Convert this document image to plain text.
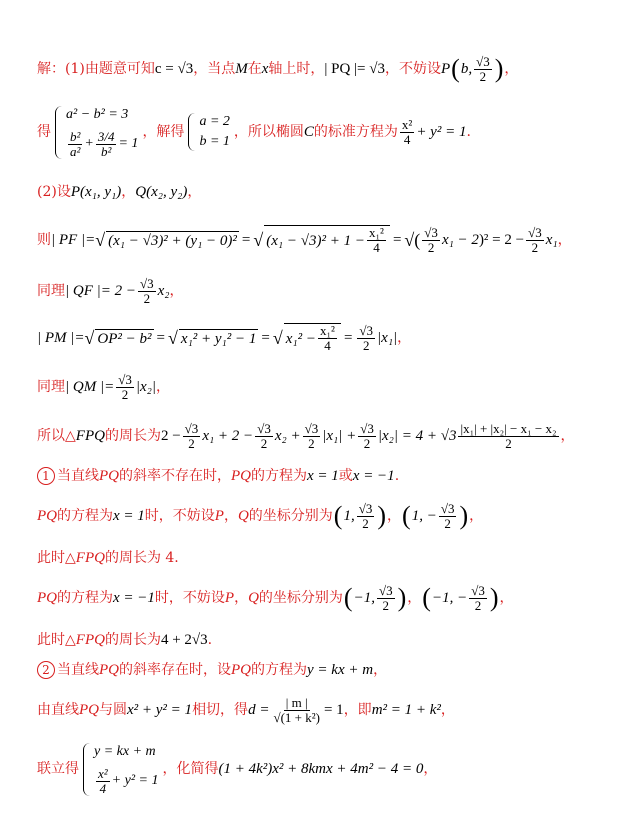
解：(1)由题意可知 c = √3 ，当点 M 在 x 轴上时， | PQ |= √3 ，不妨设 P ( b, $\frac{√3}{2}$ ) ，
得
a² − b² = 3
$\frac{\text{b²}}{\text{a²}} + \frac{3/4}{\text{b²}} = 1$
，解得
a = 2
b = 1
，所以椭圆 C 的标准方程为 $\frac{\text{x²}}{4} + y^2 = 1$ .
(2)设 P(x₁, y₁) ， Q(x₂, y₂) ，
则 | PF |= √ (x₁ − √3)² + (y₁ − 0)² = √ $(x_1 - √3)^2 + 1 - \frac{\text{x₁²}}{4}$ = √ ( $\frac{√3}{2} x_1 - 2$ )$^2 = 2 - \frac{√3}{2} x_1$ ，
同理 | QF |= $2 - \frac{√3}{2} x_2$ ，
| PM |= √ OP² − b² = √ x₁² + y₁² − 1 = √ $x_1^2 - \frac{\text{x₁²}}{4} = \frac{√3}{2} |x_1|$ ，
同理 | QM |= $\frac{√3}{2} |x_2|$ ，
所以△ FPQ 的周长为 $2 - \frac{√3}{2} x_1 + 2 - \frac{√3}{2} x_2 + \frac{√3}{2} |x_1| + \frac{√3}{2} |x_2| = 4 + √3 \frac{\text{|x₁| + |x₂| − x₁ − x₂}}{2}$ ，
1 当直线 PQ 的斜率不存在时， PQ 的方程为 x = 1 或 x = −1 .
PQ 的方程为 x = 1 时，不妨设 P ， Q 的坐标分别为 ( 1, $\frac{√3}{2}$ ) ， ( 1, − $\frac{√3}{2}$ ) ，
此时△ FPQ 的周长为 4.
PQ 的方程为 x = −1 时，不妨设 P ， Q 的坐标分别为 ( −1, $\frac{√3}{2}$ ) ， ( −1, − $\frac{√3}{2}$ ) ，
此时△ FPQ 的周长为 4 + 2√3 .
2 当直线 PQ 的斜率存在时，设 PQ 的方程为 y = kx + m ，
由直线 PQ 与圆 x² + y² = 1 相切，得 $d = \frac{| m |}{\text{√(1 + k²)}} = 1$ ，即 m² = 1 + k² ，
联立得
y = kx + m
$\frac{\text{x²}}{4} + y^2 = 1$
，化简得 (1 + 4k²)x² + 8kmx + 4m² − 4 = 0 ，
